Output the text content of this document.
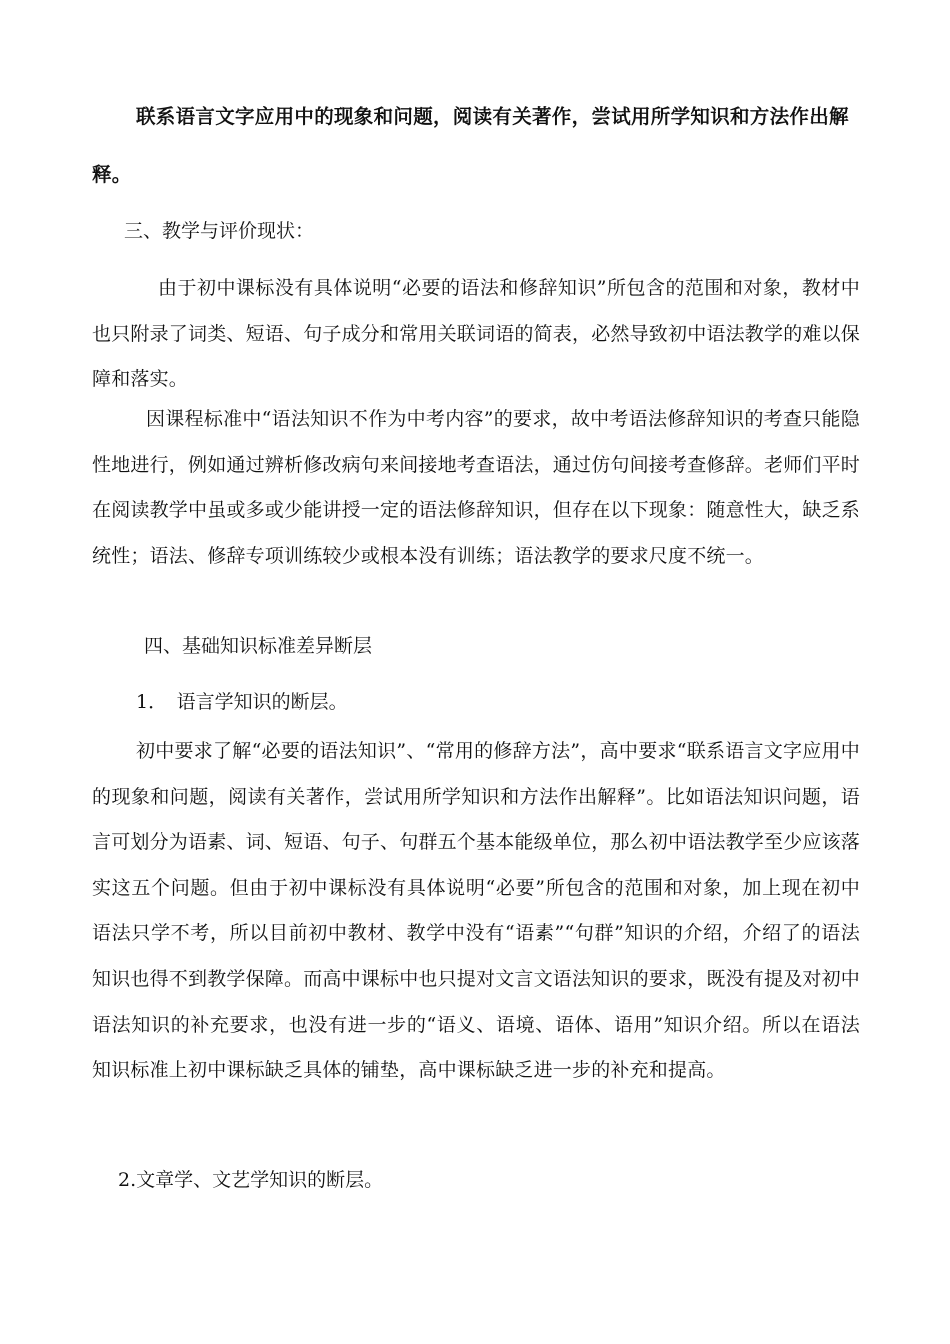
联系语言文字应用中的现象和问题，阅读有关著作，尝试用所学知识和方法作出解释。

三、教学与评价现状：

由于初中课标没有具体说明“必要的语法和修辞知识”所包含的范围和对象，教材中也只附录了词类、短语、句子成分和常用关联词语的简表，必然导致初中语法教学的难以保障和落实。

因课程标准中“语法知识不作为中考内容”的要求，故中考语法修辞知识的考查只能隐性地进行，例如通过辨析修改病句来间接地考查语法，通过仿句间接考查修辞。老师们平时在阅读教学中虽或多或少能讲授一定的语法修辞知识，但存在以下现象：随意性大，缺乏系统性；语法、修辞专项训练较少或根本没有训练；语法教学的要求尺度不统一。

四、基础知识标准差异断层

1．　语言学知识的断层。

初中要求了解“必要的语法知识”、“常用的修辞方法”，高中要求“联系语言文字应用中的现象和问题，阅读有关著作，尝试用所学知识和方法作出解释”。比如语法知识问题，语言可划分为语素、词、短语、句子、句群五个基本能级单位，那么初中语法教学至少应该落实这五个问题。但由于初中课标没有具体说明“必要”所包含的范围和对象，加上现在初中语法只学不考，所以目前初中教材、教学中没有“语素”“句群”知识的介绍，介绍了的语法知识也得不到教学保障。而高中课标中也只提对文言文语法知识的要求，既没有提及对初中语法知识的补充要求，也没有进一步的“语义、语境、语体、语用”知识介绍。所以在语法知识标准上初中课标缺乏具体的铺垫，高中课标缺乏进一步的补充和提高。

2.文章学、文艺学知识的断层。
